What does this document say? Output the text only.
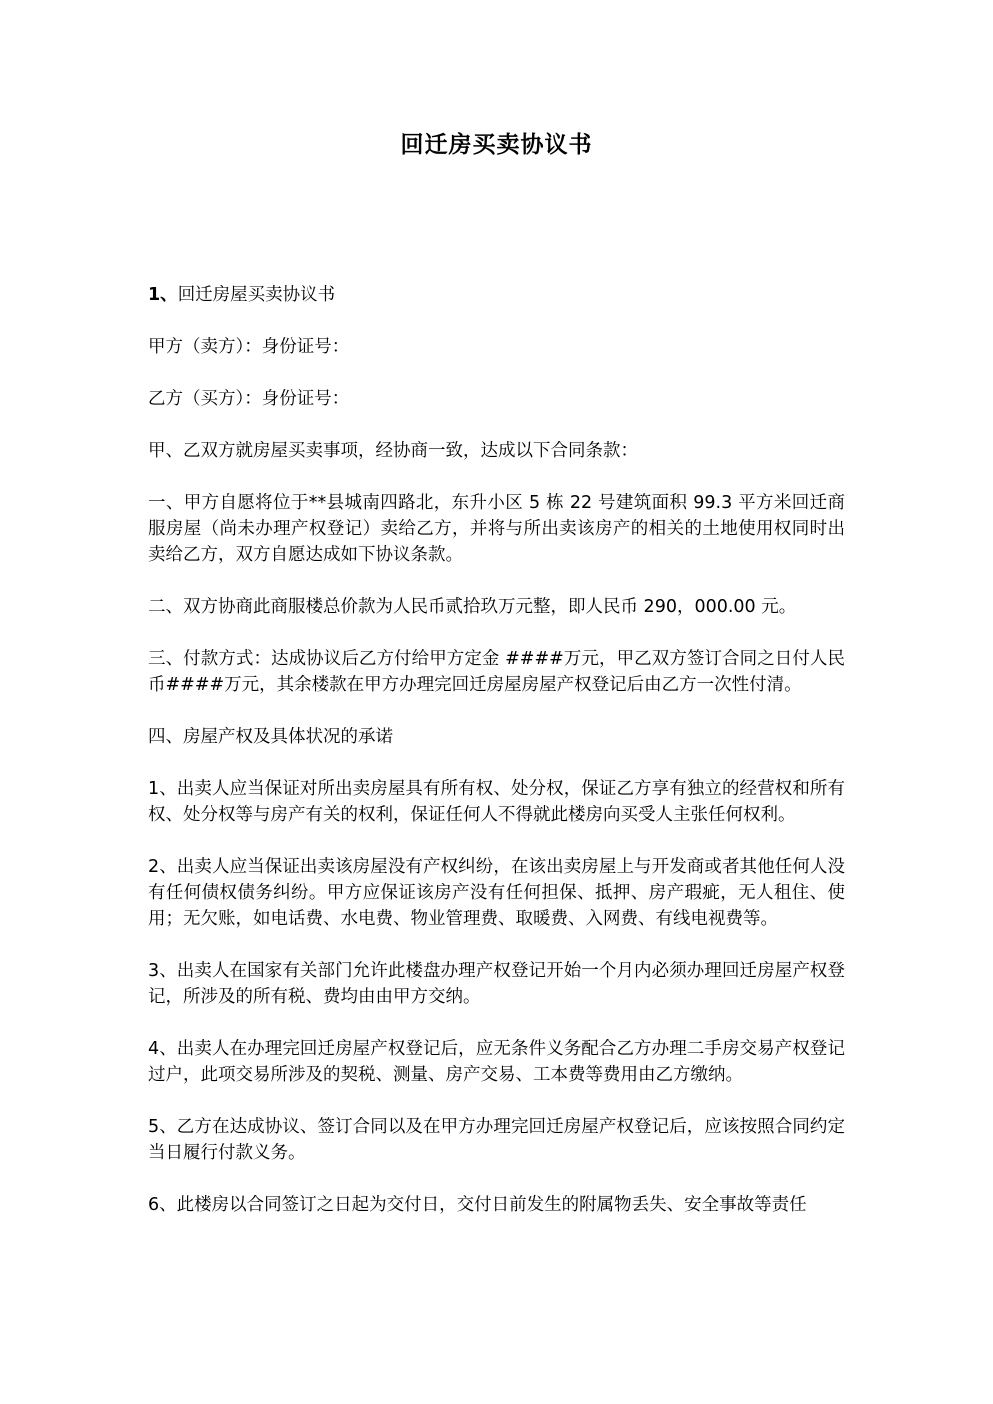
回迁房买卖协议书

1、回迁房屋买卖协议书

甲方（卖方）：身份证号：

乙方（买方）：身份证号：

甲、乙双方就房屋买卖事项，经协商一致，达成以下合同条款：

一、甲方自愿将位于**县城南四路北，东升小区 5 栋 22 号建筑面积 99.3 平方米回迁商服房屋（尚未办理产权登记）卖给乙方，并将与所出卖该房产的相关的土地使用权同时出卖给乙方，双方自愿达成如下协议条款。

二、双方协商此商服楼总价款为人民币贰拾玖万元整，即人民币 290，000.00 元。

三、付款方式：达成协议后乙方付给甲方定金 ####万元，甲乙双方签订合同之日付人民币####万元，其余楼款在甲方办理完回迁房屋房屋产权登记后由乙方一次性付清。

四、房屋产权及具体状况的承诺

1、出卖人应当保证对所出卖房屋具有所有权、处分权，保证乙方享有独立的经营权和所有权、处分权等与房产有关的权利，保证任何人不得就此楼房向买受人主张任何权利。

2、出卖人应当保证出卖该房屋没有产权纠纷，在该出卖房屋上与开发商或者其他任何人没有任何债权债务纠纷。甲方应保证该房产没有任何担保、抵押、房产瑕疵，无人租住、使用；无欠账，如电话费、水电费、物业管理费、取暖费、入网费、有线电视费等。

3、出卖人在国家有关部门允许此楼盘办理产权登记开始一个月内必须办理回迁房屋产权登记，所涉及的所有税、费均由由甲方交纳。

4、出卖人在办理完回迁房屋产权登记后，应无条件义务配合乙方办理二手房交易产权登记过户，此项交易所涉及的契税、测量、房产交易、工本费等费用由乙方缴纳。

5、乙方在达成协议、签订合同以及在甲方办理完回迁房屋产权登记后，应该按照合同约定当日履行付款义务。

6、此楼房以合同签订之日起为交付日，交付日前发生的附属物丢失、安全事故等责任
